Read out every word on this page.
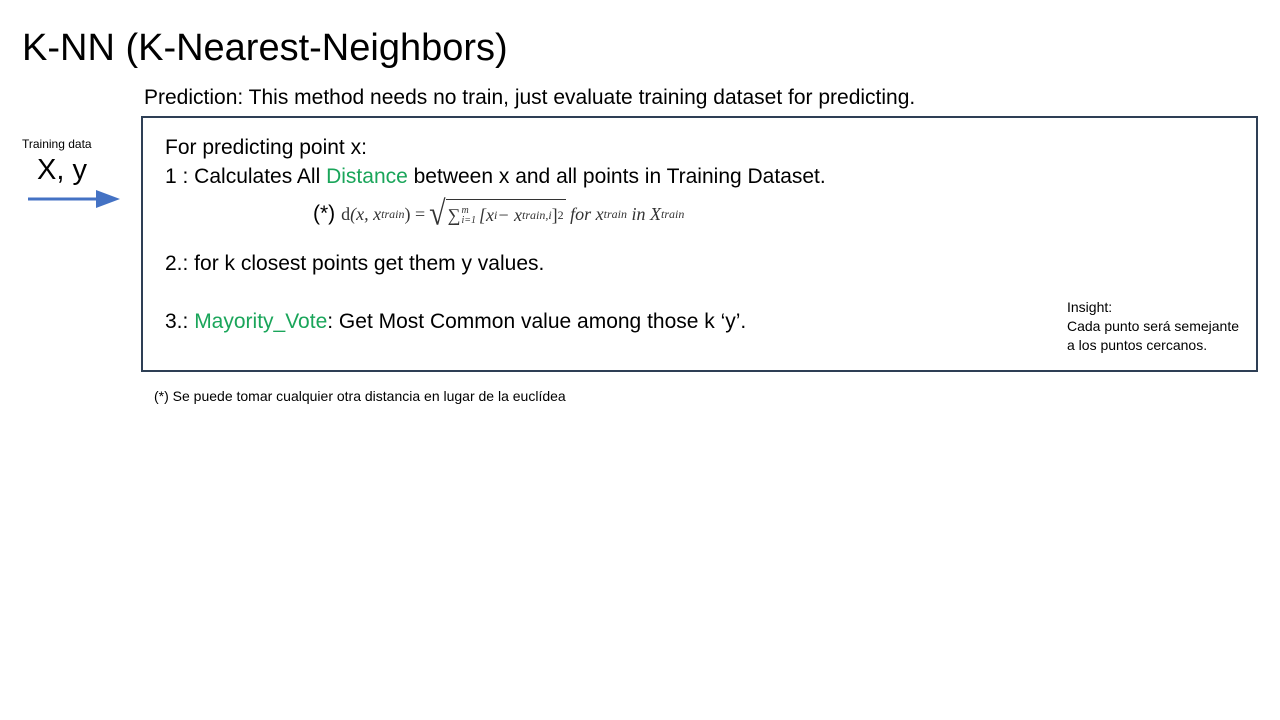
K-NN (K-Nearest-Neighbors)
Prediction: This method needs no train, just evaluate training dataset for predicting.
Training data
X, y
For predicting point x:
1 : Calculates All Distance between x and all points in Training Dataset.
(*) d (x, x train ) = √ ∑ m
i=1 [x i − x train,i ] 2
for x train
in X train
2.: for k closest points get them y values.
3.: Mayority_Vote: Get Most Common value among those k ‘y’.
Insight:
Cada punto será semejante
a los puntos cercanos.
(*) Se puede tomar cualquier otra distancia en lugar de la euclídea
